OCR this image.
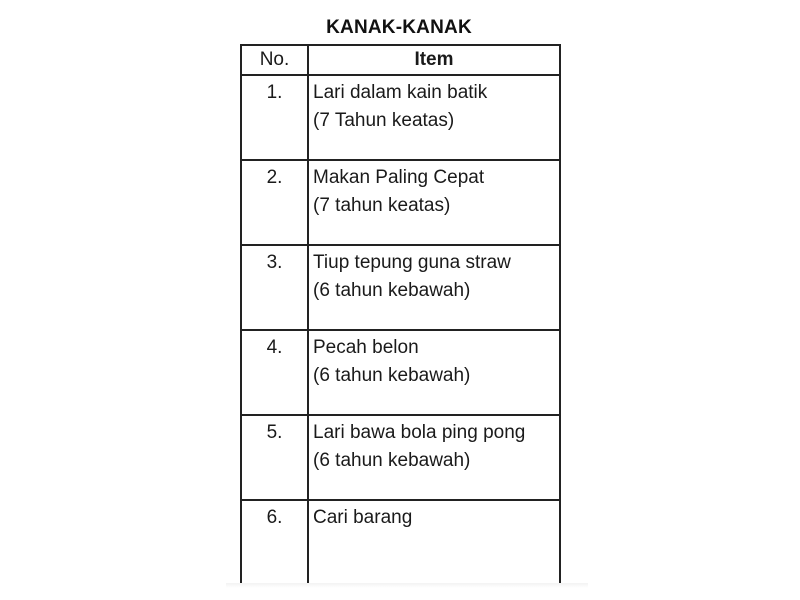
KANAK-KANAK
No.	Item
1.	Lari dalam kain batik
(7 Tahun keatas)

2.	Makan Paling Cepat
(7 tahun keatas)

3.	Tiup tepung guna straw
(6 tahun kebawah)

4.	Pecah belon
(6 tahun kebawah)

5.	Lari bawa bola ping pong
(6 tahun kebawah)

6.	Cari barang
